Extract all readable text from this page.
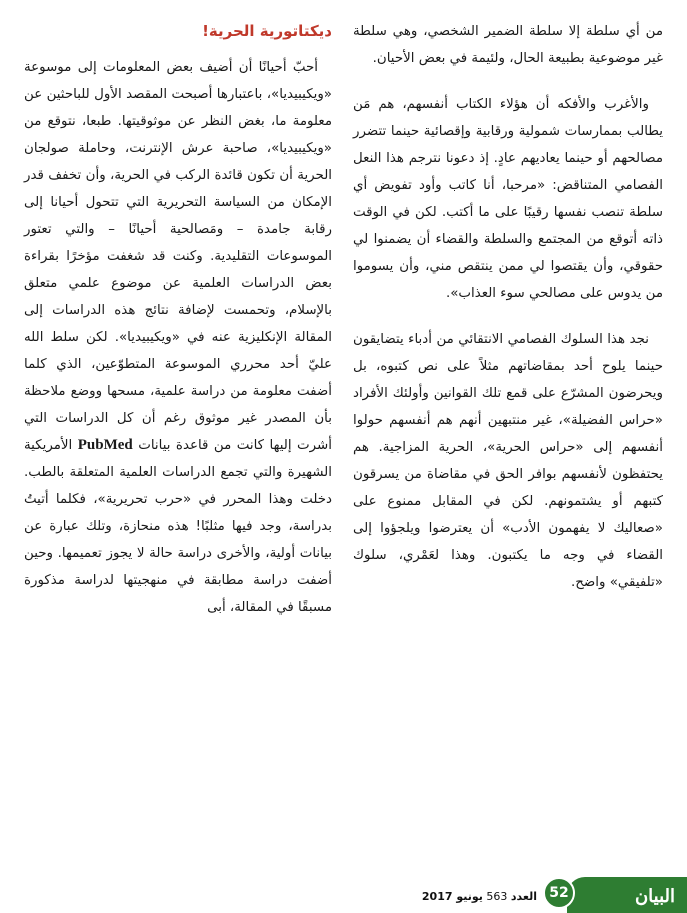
من أي سلطة إلا سلطة الضمير الشخصي، وهي سلطة غير موضوعية بطبيعة الحال، ولئيمة في بعض الأحيان.

والأغرب والأفكه أن هؤلاء الكتاب أنفسهم، هم مَن يطالب بممارسات شمولية ورقابية وإقصائية حينما تتضرر مصالحهم أو حينما يعاديهم عادٍ. إذ دعونا نترجم هذا النعل الفصامي المتناقض: «مرحبا، أنا كاتب وأود تفويض أي سلطة تنصب نفسها رقيبًا على ما أكتب. لكن في الوقت ذاته أتوقع من المجتمع والسلطة والقضاء أن يضمنوا لي حقوقي، وأن يقتصوا لي ممن ينتقص مني، وأن يسوموا من يدوس على مصالحي سوء العذاب».

نجد هذا السلوك الفصامي الانتقائي من أدباء يتضايقون حينما يلوح أحد بمقاضاتهم مثلاً على نص كتبوه، بل ويحرضون المشرّع على قمع تلك القوانين وأولئك الأفراد «حراس الفضيلة»، غير منتبهين أنهم هم أنفسهم حولوا أنفسهم إلى «حراس الحرية»، الحرية المزاجية. هم يحتفظون لأنفسهم بوافر الحق في مقاضاة من يسرقون كتبهم أو يشتمونهم. لكن في المقابل ممنوع على «صعاليك لا يفهمون الأدب» أن يعترضوا ويلجؤوا إلى القضاء في وجه ما يكتبون. وهذا لعَمْري، سلوك «تلفيقي» واضح.

ديكتاتورية الحرية!

أحبّ أحيانًا أن أضيف بعض المعلومات إلى موسوعة «ويكيبيديا»، باعتبارها أصبحت المقصد الأول للباحثين عن معلومة ما، بغض النظر عن موثوقيتها. طبعا، نتوقع من «ويكيبيديا»، صاحبة عرش الإنترنت، وحاملة صولجان الحرية أن تكون قائدة الركب في الحرية، وأن تخفف قدر الإمكان من السياسة التحريرية التي تتحول أحيانا إلى رقابة جامدة – ومَصالحية أحيانًا – والتي تعتور الموسوعات التقليدية. وكنت قد شغفت مؤخرًا بقراءة بعض الدراسات العلمية عن موضوع علمي متعلق بالإسلام، وتحمست لإضافة نتائج هذه الدراسات إلى المقالة الإنكليزية عنه في «ويكيبيديا». لكن سلط الله عليّ أحد محرري الموسوعة المتطوّعين، الذي كلما أضفت معلومة من دراسة علمية، مسحها ووضع ملاحظة بأن المصدر غير موثوق رغم أن كل الدراسات التي أشرت إليها كانت من قاعدة بيانات PubMed الأمريكية الشهيرة والتي تجمع الدراسات العلمية المتعلقة بالطب. دخلت وهذا المحرر في «حرب تحريرية»، فكلما أتيتُ بدراسة، وجد فيها مثلبًا! هذه منحازة، وتلك عبارة عن بيانات أولية، والأخرى دراسة حالة لا يجوز تعميمها. وحين أضفت دراسة مطابقة في منهجيتها لدراسة مذكورة مسبقًا في المقالة، أبى

البيان
52
العدد 563 يونيو 2017
